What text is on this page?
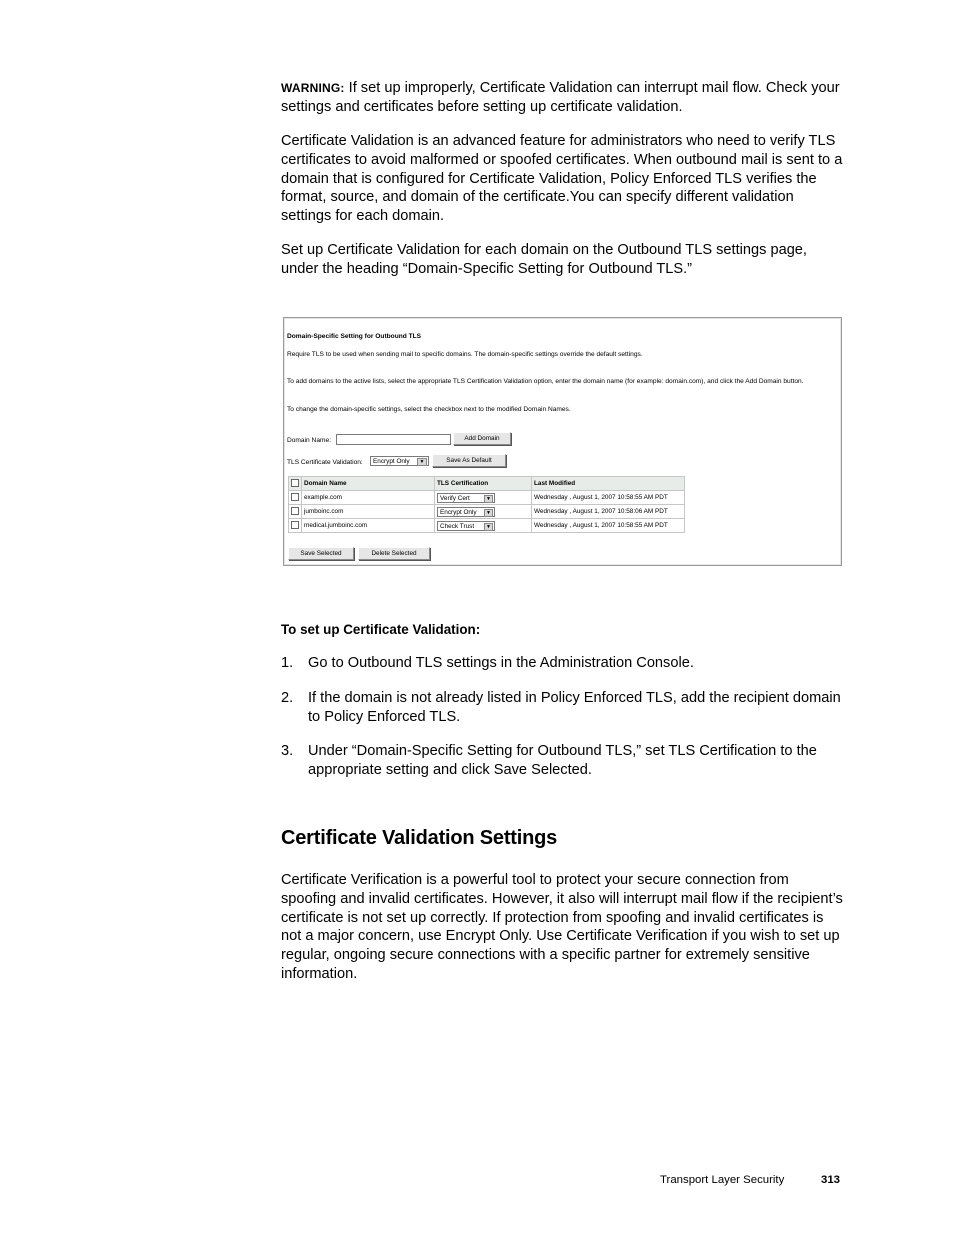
WARNING: If set up improperly, Certificate Validation can interrupt mail flow. Check your settings and certificates before setting up certificate validation.

Certificate Validation is an advanced feature for administrators who need to verify TLS certificates to avoid malformed or spoofed certificates. When outbound mail is sent to a domain that is configured for Certificate Validation, Policy Enforced TLS verifies the format, source, and domain of the certificate.You can specify different validation settings for each domain.

Set up Certificate Validation for each domain on the Outbound TLS settings page, under the heading “Domain-Specific Setting for Outbound TLS.”

Domain-Specific Setting for Outbound TLS
Require TLS to be used when sending mail to specific domains. The domain-specific settings override the default settings.
To add domains to the active lists, select the appropriate TLS Certification Validation option, enter the domain name (for example: domain.com), and click the Add Domain button.
To change the domain-specific settings, select the checkbox next to the modified Domain Names.
Domain Name:	Add Domain
TLS Certificate Validation:	Encrypt Only	▼	Save As Default
	Domain Name	TLS Certification	Last Modified
	example.com	Verify Cert ▼	Wednesday , August 1, 2007 10:58:55 AM PDT
	jumboinc.com	Encrypt Only ▼	Wednesday , August 1, 2007 10:58:06 AM PDT
	medical.jumboinc.com	Check Trust ▼	Wednesday , August 1, 2007 10:58:55 AM PDT
Save Selected	Delete Selected
To set up Certificate Validation:
1. Go to Outbound TLS settings in the Administration Console.
2. If the domain is not already listed in Policy Enforced TLS, add the recipient domain to Policy Enforced TLS.
3. Under “Domain-Specific Setting for Outbound TLS,” set TLS Certification to the appropriate setting and click Save Selected.
Certificate Validation Settings

Certificate Verification is a powerful tool to protect your secure connection from spoofing and invalid certificates. However, it also will interrupt mail flow if the recipient’s certificate is not set up correctly. If protection from spoofing and invalid certificates is not a major concern, use Encrypt Only. Use Certificate Verification if you wish to set up regular, ongoing secure connections with a specific partner for extremely sensitive information.

Transport Layer Security	313
